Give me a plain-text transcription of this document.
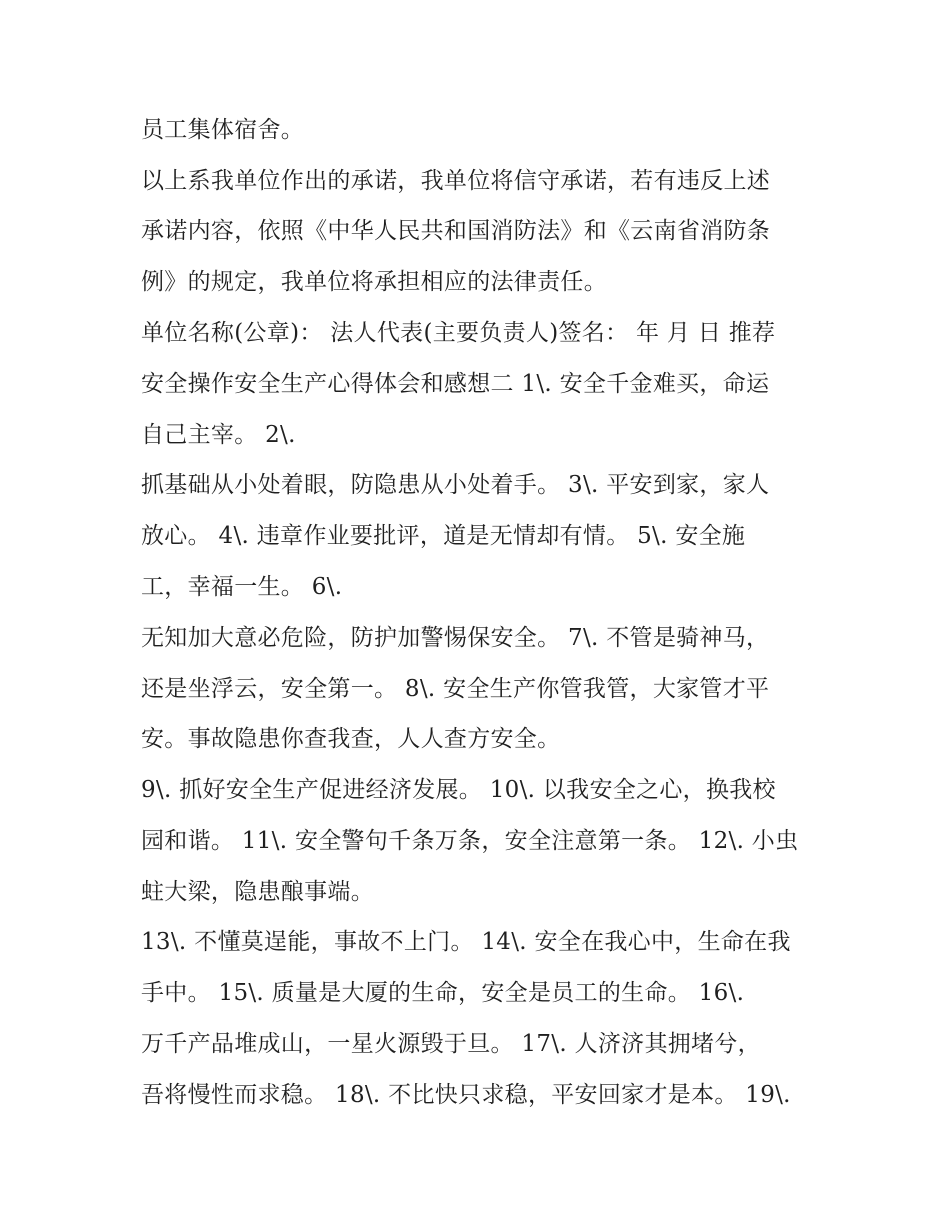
员工集体宿舍。
以上系我单位作出的承诺，我单位将信守承诺，若有违反上述
承诺内容，依照《中华人民共和国消防法》和《云南省消防条
例》的规定，我单位将承担相应的法律责任。
单位名称(公章)： 法人代表(主要负责人)签名： 年 月 日 推荐
安全操作安全生产心得体会和感想二 1\. 安全千金难买，命运
自己主宰。 2\.
抓基础从小处着眼，防隐患从小处着手。 3\. 平安到家，家人
放心。 4\. 违章作业要批评，道是无情却有情。 5\. 安全施
工，幸福一生。 6\.
无知加大意必危险，防护加警惕保安全。 7\. 不管是骑神马，
还是坐浮云，安全第一。 8\. 安全生产你管我管，大家管才平
安。事故隐患你查我查，人人查方安全。
9\. 抓好安全生产促进经济发展。 10\. 以我安全之心，换我校
园和谐。 11\. 安全警句千条万条，安全注意第一条。 12\. 小虫
蛀大梁，隐患酿事端。
13\. 不懂莫逞能，事故不上门。 14\. 安全在我心中，生命在我
手中。 15\. 质量是大厦的生命，安全是员工的生命。 16\.
万千产品堆成山，一星火源毁于旦。 17\. 人济济其拥堵兮，
吾将慢性而求稳。 18\. 不比快只求稳，平安回家才是本。 19\.
